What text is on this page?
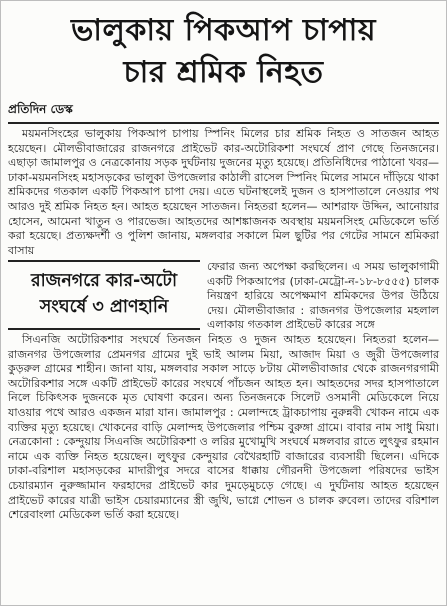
ভালুকায় পিকআপ চাপায়
চার শ্রমিক নিহত
প্রতিদিন ডেস্ক

ময়মনসিংহের ভালুকায় পিকআপ চাপায় স্পিনিং মিলের চার শ্রমিক নিহত ও সাতজন আহত হয়েছেন। মৌলভীবাজারের রাজনগরে প্রাইভেট কার-অটোরিকশা সংঘর্ষে প্রাণ গেছে তিনজনের। এছাড়া জামালপুর ও নেত্রকোনায় সড়ক দুর্ঘটনায় দুজনের মৃত্যু হয়েছে। প্রতিনিধিদের পাঠানো খবর— ঢাকা-ময়মনসিংহ মহাসড়কের ভালুকা উপজেলার কাঠালী রাসেল স্পিনিং মিলের সামনে দাঁড়িয়ে থাকা শ্রমিকদের গতকাল একটি পিকআপ চাপা দেয়। এতে ঘটনাস্থলেই দুজন ও হাসপাতালে নেওয়ার পথ আরও দুই শ্রমিক নিহত হন। আহত হয়েছেন সাতজন। নিহতরা হলেন— আশরাফ উদ্দিন, আনোয়ার হোসেন, আমেনা খাতুন ও পারভেজ। আহতদের আশঙ্কাজনক অবস্থায় ময়মনসিংহ মেডিকেলে ভর্তি করা হয়েছে। প্রত্যক্ষদর্শী ও পুলিশ জানায়, মঙ্গলবার সকালে মিল ছুটির পর গেটের সামনে শ্রমিকরা বাসায়

রাজনগরে কার-অটো

সংঘর্ষে ৩ প্রাণহানি

ফেরার জন্য অপেক্ষা করছিলেন। এ সময় ভালুকাগামী একটি পিকআপের (ঢাকা-মেট্রো-ন-১৮-৮৫৫৫) চালক নিয়ন্ত্রণ হারিয়ে অপেক্ষমাণ শ্রমিকদের উপর উঠিয়ে দেয়। মৌলভীবাজার : রাজনগর উপজেলার মহলাল এলাকায় গতকাল প্রাইভেট কারের সঙ্গে

সিএনজি অটোরিকশার সংঘর্ষে তিনজন নিহত ও দুজন আহত হয়েছেন। নিহতরা হলেন— রাজনগর উপজেলার প্রেমনগর গ্রামের দুই ভাই আলম মিয়া, আজাদ মিয়া ও জুরী উপজেলার কুড়রুল গ্রামের শাহীন। জানা যায়, মঙ্গলবার সকাল সাড়ে ৮টায় মৌলভীবাজার থেকে রাজনগরগামী অটোরিকশার সঙ্গে একটি প্রাইভেট কারের সংঘর্ষে পাঁচজন আহত হন। আহতদের সদর হাসপাতালে নিলে চিকিৎসক দুজনকে মৃত ঘোষণা করেন। অন্য তিনজনকে সিলেট ওসমানী মেডিকেলে নিয়ে যাওয়ার পথে আরও একজন মারা যান। জামালপুর : মেলান্দহে ট্রাকচাপায় নুরুন্নবী খোকন নামে এক ব্যক্তির মৃত্যু হয়েছে। খোকনের বাড়ি মেলান্দহ উপজেলার পশ্চিম বুরুঙ্গা গ্রামে। বাবার নাম সাধু মিয়া। নেত্রকোনা : কেন্দুয়ায় সিএনজি অটোরিকশা ও লরির মুখোমুখি সংঘর্ষে মঙ্গলবার রাতে লুৎফুর রহমান নামে এক ব্যক্তি নিহত হয়েছেন। লুৎফুর কেন্দুয়ার বেখৈরহাটি বাজারের ব্যবসায়ী ছিলেন। এদিকে ঢাকা-বরিশাল মহাসড়কের মাদারীপুর সদরে বাসের ধাক্কায় গৌরনদী উপজেলা পরিষদের ভাইস চেয়ারম্যান নুরুজ্জামান ফরহাদের প্রাইভেট কার দুমড়েমুচড়ে গেছে। এ দুর্ঘটনায় আহত হয়েছেন প্রাইভেট কারের যাত্রী ভাইস চেয়ারম্যানের স্ত্রী জুথি, ভাগ্নে শোভন ও চালক রুবেল। তাদের বরিশাল শেরেবাংলা মেডিকেল ভর্তি করা হয়েছে।
